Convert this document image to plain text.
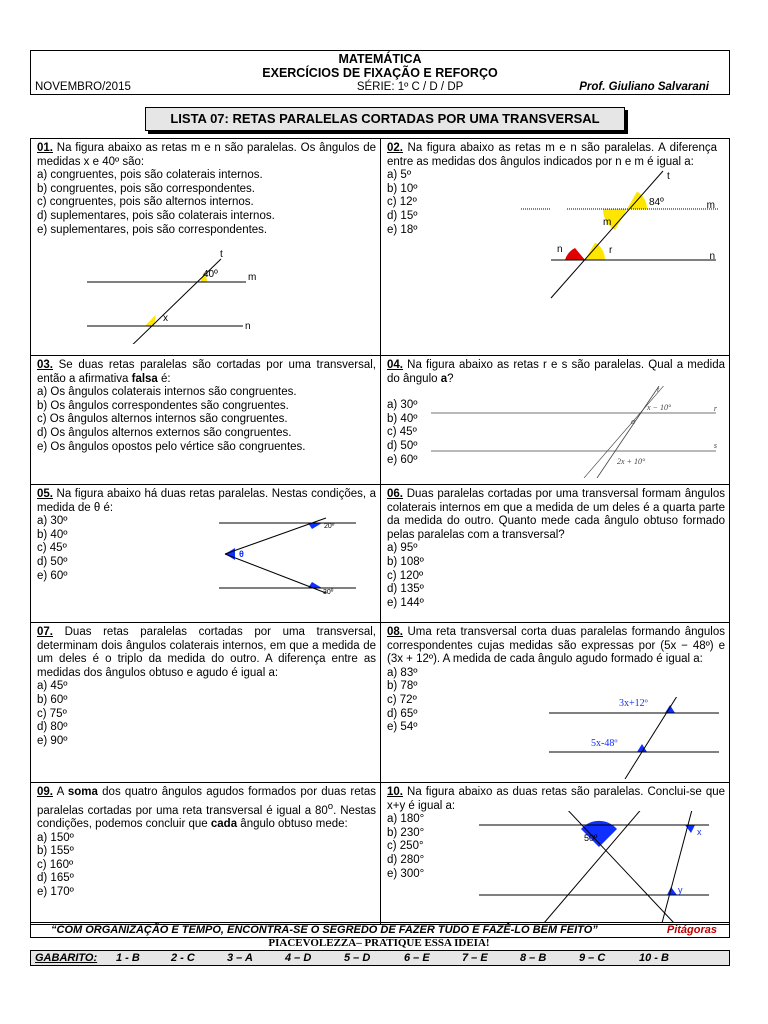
MATEMÁTICA
EXERCÍCIOS DE FIXAÇÃO E REFORÇO
NOVEMBRO/2015	SÉRIE: 1º C / D / DP	Prof. Giuliano Salvarani
LISTA 07: RETAS PARALELAS CORTADAS POR UMA TRANSVERSAL

01. Na figura abaixo as retas m e n são paralelas. Os ângulos de medidas x e 40º são:

a) congruentes, pois são colaterais internos.
b) congruentes, pois são correspondentes.
c) congruentes, pois são alternos internos.
d) suplementares, pois são colaterais internos.
e) suplementares, pois são correspondentes.
t
m
n
40º
x

02. Na figura abaixo as retas m e n são paralelas. A diferença entre as medidas dos ângulos indicados por n e m é igual a:

a) 5º
b) 10º
c) 12º
d) 15º
e) 18º
t
m
n
84º
m
n	r

03. Se duas retas paralelas são cortadas por uma transversal, então a afirmativa falsa é:

a) Os ângulos colaterais internos são congruentes.
b) Os ângulos correspondentes são congruentes.
c) Os ângulos alternos internos são congruentes.
d) Os ângulos alternos externos são congruentes.
e) Os ângulos opostos pelo vértice são congruentes.

04. Na figura abaixo as retas r e s são paralelas. Qual a medida do ângulo a?

a) 30º
b) 40º
c) 45º
d) 50º
e) 60º
t
r
s
x − 10°
a
2x + 10°

05. Na figura abaixo há duas retas paralelas. Nestas condições, a medida de θ é:

a) 30º
b) 40º
c) 45º
d) 50º
e) 60º
20º
θ
30º

06. Duas paralelas cortadas por uma transversal formam ângulos colaterais internos em que a medida de um deles é a quarta parte da medida do outro. Quanto mede cada ângulo obtuso formado pelas paralelas com a transversal?

a) 95º
b) 108º
c) 120º
d) 135º
e) 144º

07. Duas retas paralelas cortadas por uma transversal, determinam dois ângulos colaterais internos, em que a medida de um deles é o triplo da medida do outro. A diferença entre as medidas dos ângulos obtuso e agudo é igual a:

a) 45º
b) 60º
c) 75º
d) 80º
e) 90º

08. Uma reta transversal corta duas paralelas formando ângulos correspondentes cujas medidas são expressas por (5x − 48º) e (3x + 12º). A medida de cada ângulo agudo formado é igual a:

a) 83º
b) 78º
c) 72º
d) 65º
e) 54º
3x+12º
5x-48º

09. A soma dos quatro ângulos agudos formados por duas retas paralelas cortadas por uma reta transversal é igual a 80$^o$. Nestas condições, podemos concluir que cada ângulo obtuso mede:

a) 150º
b) 155º
c) 160º
d) 165º
e) 170º

10. Na figura abaixo as duas retas são paralelas. Conclui-se que x+y é igual a:

a) 180°
b) 230°
c) 250°
d) 280°
e) 300°
50º
x
y
“COM ORGANIZAÇÃO E TEMPO, ENCONTRA-SE O SEGREDO DE FAZER TUDO E FAZÊ-LO BEM FEITO”	Pitágoras
PIACEVOLEZZA– PRATIQUE ESSA IDEIA!
GABARITO: 1 - B	2 - C	3 – A	4 – D	5 – D	6 – E	7 – E	8 – B	9 – C	10 - B
